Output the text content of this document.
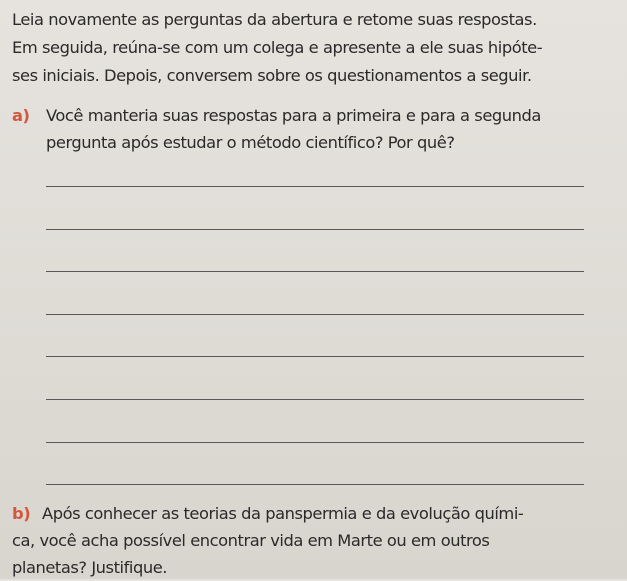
Leia novamente as perguntas da abertura e retome suas respostas.
Em seguida, reúna-se com um colega e apresente a ele suas hipóte-
ses iniciais. Depois, conversem sobre os questionamentos a seguir.
a) Você manteria suas respostas para a primeira e para a segunda
pergunta após estudar o método científico? Por quê?
b) Após conhecer as teorias da panspermia e da evolução quími-
ca, você acha possível encontrar vida em Marte ou em outros
planetas? Justifique.
